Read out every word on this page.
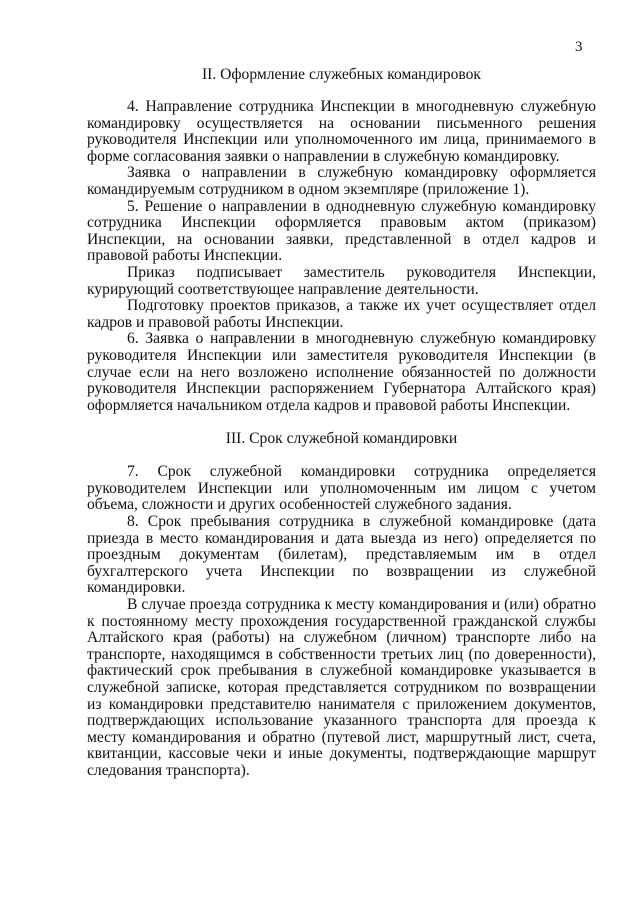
3
II. Оформление служебных командировок

4. Направление сотрудника Инспекции в многодневную служебную командировку осуществляется на основании письменного решения руководителя Инспекции или уполномоченного им лица, принимаемого в форме согласования заявки о направлении в служебную командировку.

Заявка о направлении в служебную командировку оформляется командируемым сотрудником в одном экземпляре (приложение 1).

5. Решение о направлении в однодневную служебную командировку сотрудника Инспекции оформляется правовым актом (приказом) Инспекции, на основании заявки, представленной в отдел кадров и правовой работы Инспекции.

Приказ подписывает заместитель руководителя Инспекции, курирующий соответствующее направление деятельности.

Подготовку проектов приказов, а также их учет осуществляет отдел кадров и правовой работы Инспекции.

6. Заявка о направлении в многодневную служебную командировку руководителя Инспекции или заместителя руководителя Инспекции (в случае если на него возложено исполнение обязанностей по должности руководителя Инспекции распоряжением Губернатора Алтайского края) оформляется начальником отдела кадров и правовой работы Инспекции.

III. Срок служебной командировки

7. Срок служебной командировки сотрудника определяется руководителем Инспекции или уполномоченным им лицом с учетом объема, сложности и других особенностей служебного задания.

8. Срок пребывания сотрудника в служебной командировке (дата приезда в место командирования и дата выезда из него) определяется по проездным документам (билетам), представляемым им в отдел бухгалтерского учета Инспекции по возвращении из служебной командировки.

В случае проезда сотрудника к месту командирования и (или) обратно к постоянному месту прохождения государственной гражданской службы Алтайского края (работы) на служебном (личном) транспорте либо на транспорте, находящимся в собственности третьих лиц (по доверенности), фактический срок пребывания в служебной командировке указывается в служебной записке, которая представляется сотрудником по возвращении из командировки представителю нанимателя с приложением документов, подтверждающих использование указанного транспорта для проезда к месту командирования и обратно (путевой лист, маршрутный лист, счета, квитанции, кассовые чеки и иные документы, подтверждающие маршрут следования транспорта).
